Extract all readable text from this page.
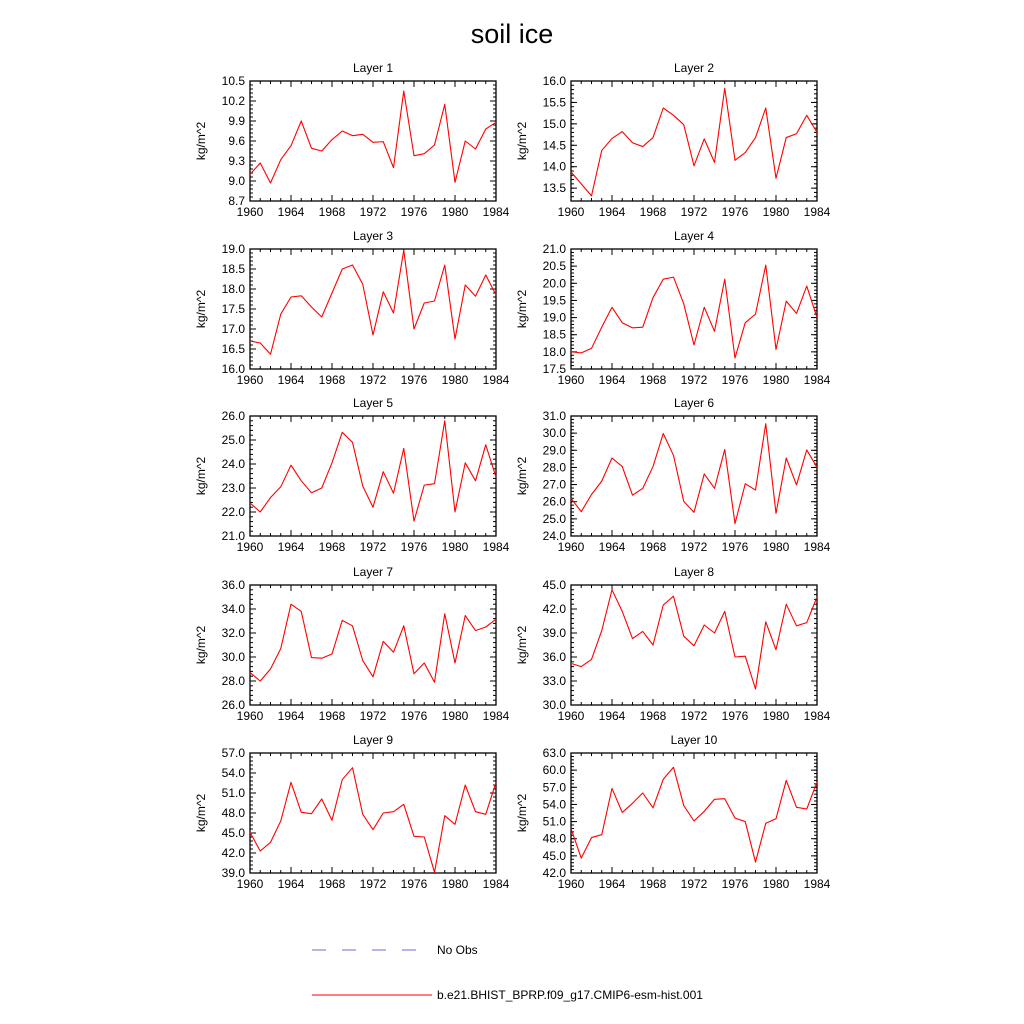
soil ice
Layer 1
kg/m^2
1960 1964 1968 1972 1976 1980 1984
8.7
9.0
9.3
9.6
9.9
10.2
10.5
Layer 2
kg/m^2
1960 1964 1968 1972 1976 1980 1984
13.5
14.0
14.5
15.0
15.5
16.0
Layer 3
kg/m^2
1960 1964 1968 1972 1976 1980 1984
16.0
16.5
17.0
17.5
18.0
18.5
19.0
Layer 4
kg/m^2
1960 1964 1968 1972 1976 1980 1984
17.5
18.0
18.5
19.0
19.5
20.0
20.5
21.0
Layer 5
kg/m^2
1960 1964 1968 1972 1976 1980 1984
21.0
22.0
23.0
24.0
25.0
26.0
Layer 6
kg/m^2
1960 1964 1968 1972 1976 1980 1984
24.0
25.0
26.0
27.0
28.0
29.0
30.0
31.0
Layer 7
kg/m^2
1960 1964 1968 1972 1976 1980 1984
26.0
28.0
30.0
32.0
34.0
36.0
Layer 8
kg/m^2
1960 1964 1968 1972 1976 1980 1984
30.0
33.0
36.0
39.0
42.0
45.0
Layer 9
kg/m^2
1960 1964 1968 1972 1976 1980 1984
39.0
42.0
45.0
48.0
51.0
54.0
57.0
Layer 10
kg/m^2
1960 1964 1968 1972 1976 1980 1984
42.0
45.0
48.0
51.0
54.0
57.0
60.0
63.0
No Obs
b.e21.BHIST_BPRP.f09_g17.CMIP6-esm-hist.001
